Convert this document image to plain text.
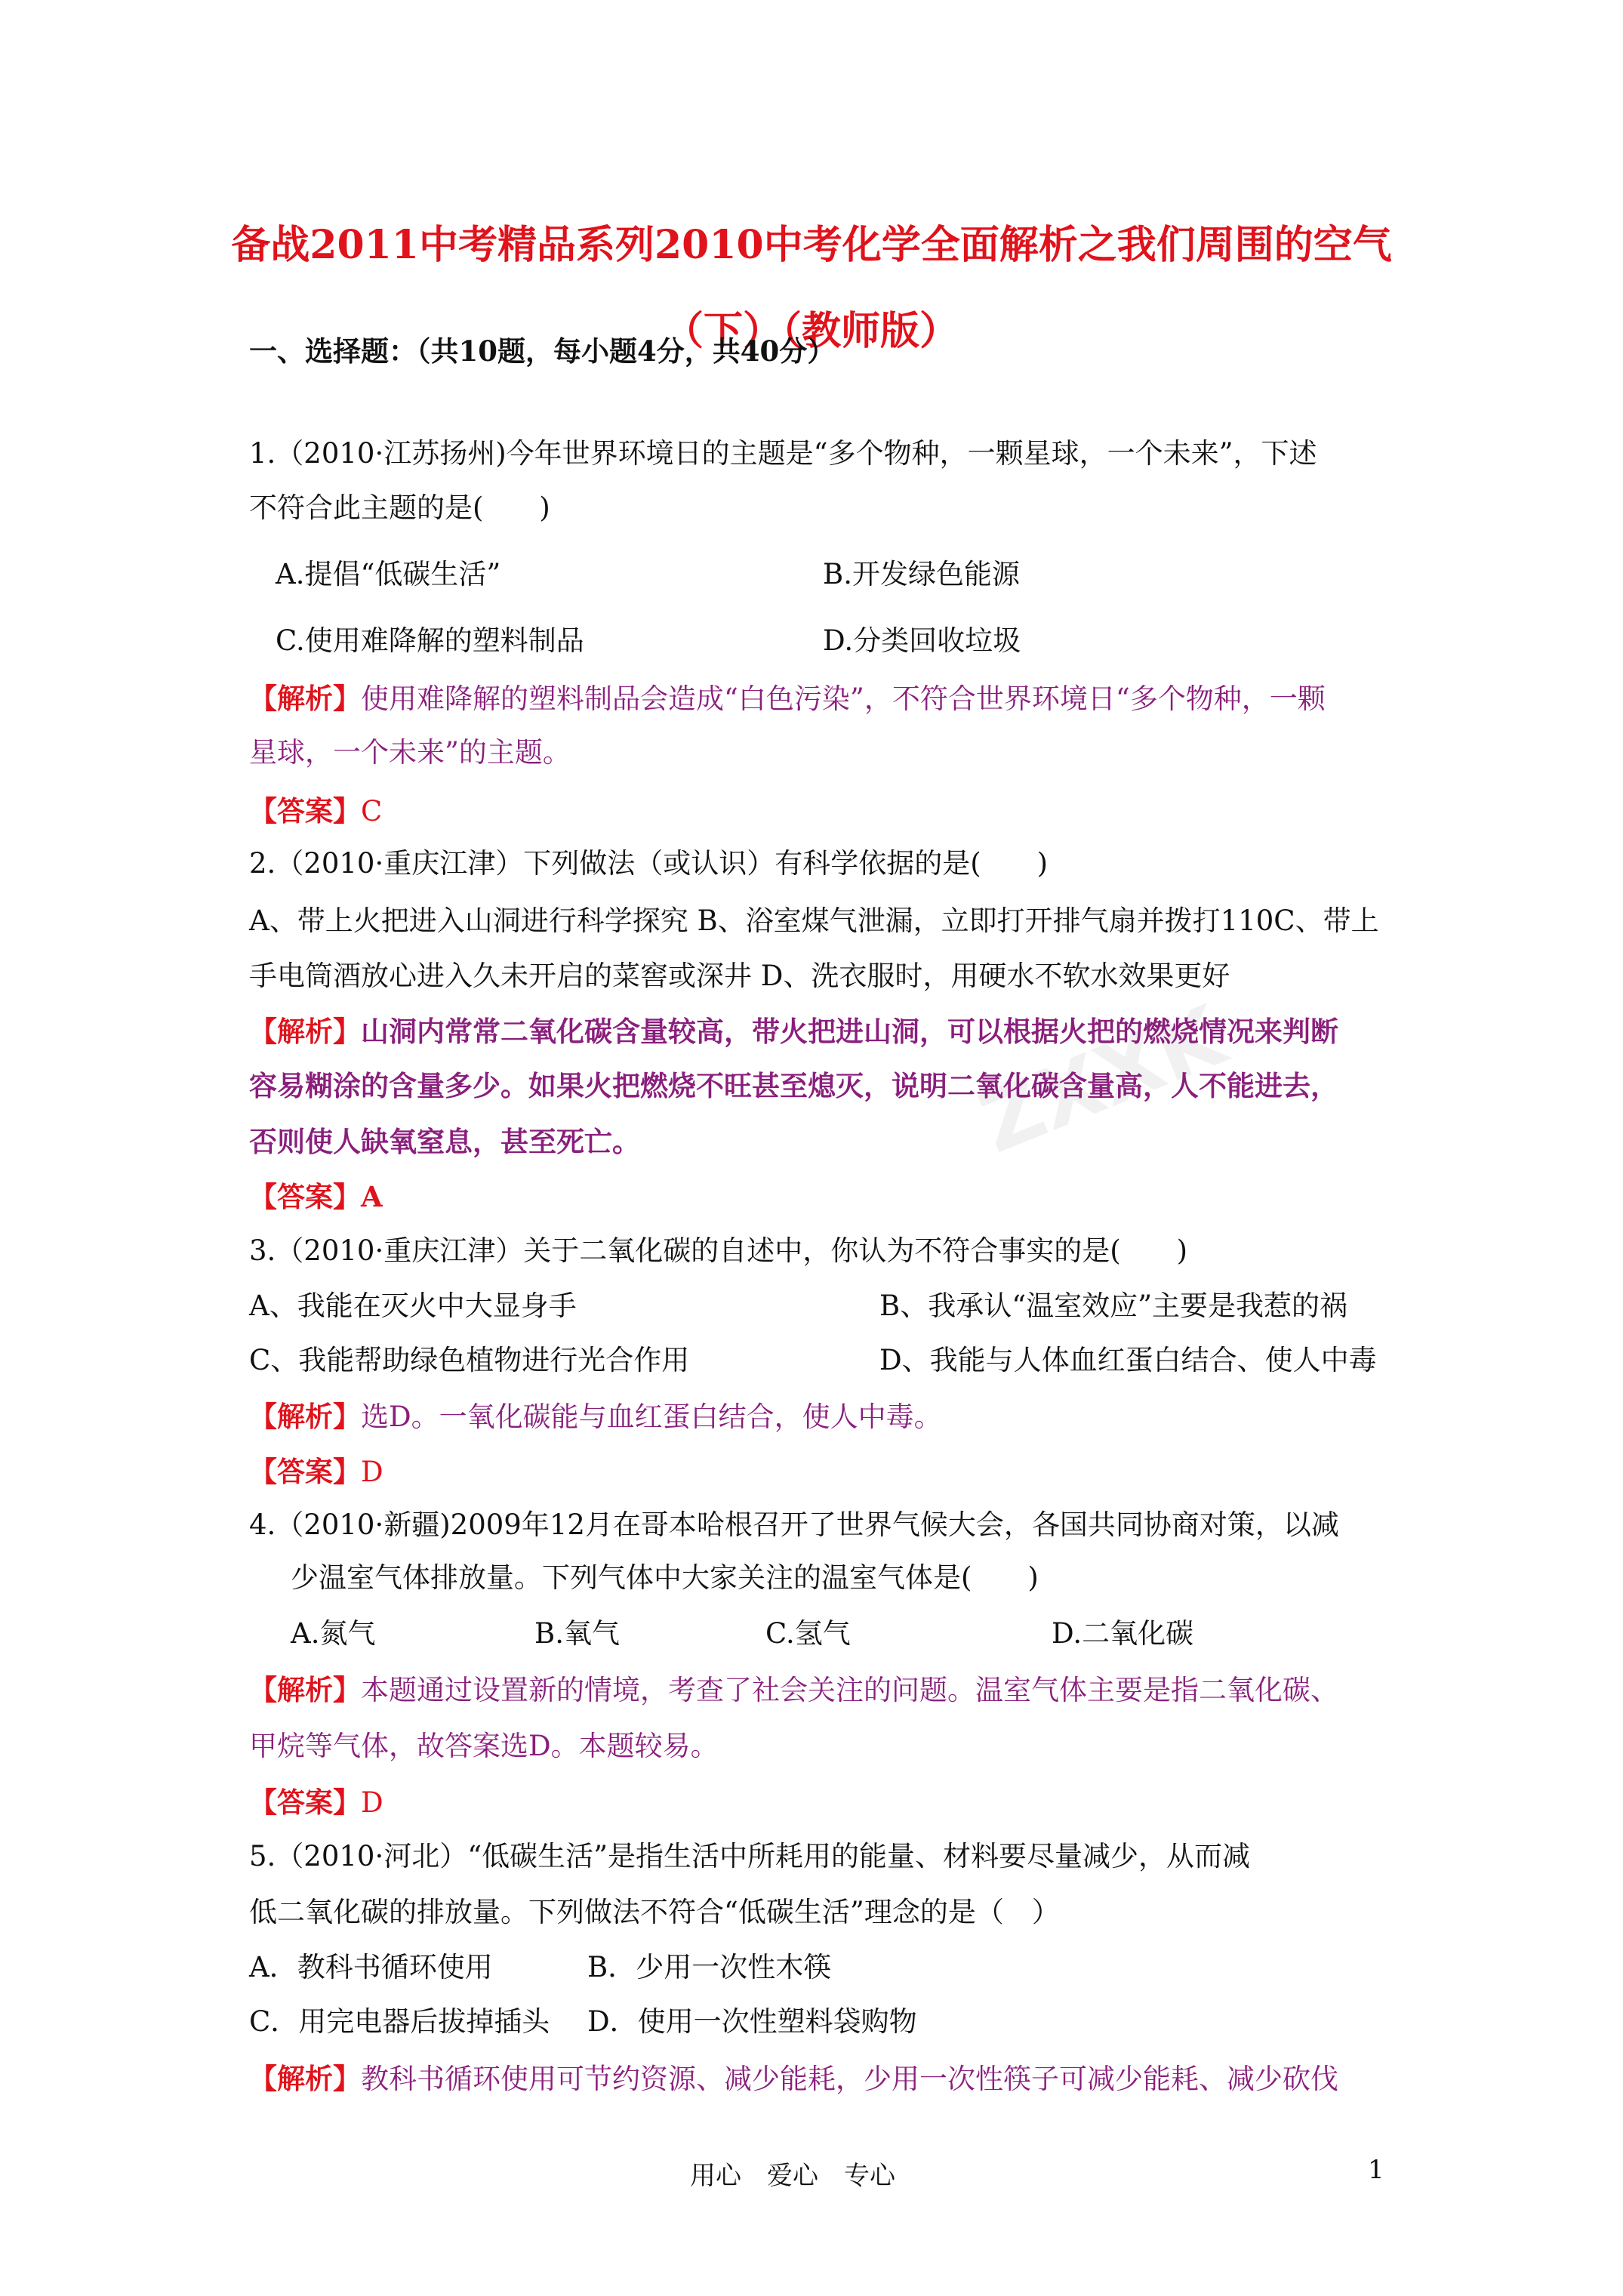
ZXXK
备战2011中考精品系列2010中考化学全面解析之我们周围的空气
（下）（教师版）
一、选择题：（共10题，每小题4分，共40分）
1.（2010·江苏扬州)今年世界环境日的主题是“多个物种，一颗星球，一个未来”，下述
不符合此主题的是(　　)
A.提倡“低碳生活”	B.开发绿色能源
C.使用难降解的塑料制品	D.分类回收垃圾
【解析】使用难降解的塑料制品会造成“白色污染”，不符合世界环境日“多个物种，一颗
星球，一个未来”的主题。
【答案】C
2.（2010·重庆江津）下列做法（或认识）有科学依据的是(　　)
A、带上火把进入山洞进行科学探究 B、浴室煤气泄漏，立即打开排气扇并拨打110C、带上
手电筒酒放心进入久未开启的菜窖或深井 D、洗衣服时，用硬水不软水效果更好
【解析】山洞内常常二氧化碳含量较高，带火把进山洞，可以根据火把的燃烧情况来判断
容易糊涂的含量多少。如果火把燃烧不旺甚至熄灭，说明二氧化碳含量高，人不能进去，
否则使人缺氧窒息，甚至死亡。
【答案】A
3.（2010·重庆江津）关于二氧化碳的自述中，你认为不符合事实的是(　　)
A、我能在灭火中大显身手	B、我承认“温室效应”主要是我惹的祸
C、我能帮助绿色植物进行光合作用	D、我能与人体血红蛋白结合、使人中毒
【解析】选D。一氧化碳能与血红蛋白结合，使人中毒。
【答案】D
4.（2010·新疆)2009年12月在哥本哈根召开了世界气候大会，各国共同协商对策，以减
少温室气体排放量。下列气体中大家关注的温室气体是(　　)
A.氮气	B.氧气	C.氢气	D.二氧化碳
【解析】本题通过设置新的情境，考查了社会关注的问题。温室气体主要是指二氧化碳、
甲烷等气体，故答案选D。本题较易。
【答案】D
5.（2010·河北）“低碳生活”是指生活中所耗用的能量、材料要尽量减少，从而减
低二氧化碳的排放量。下列做法不符合“低碳生活”理念的是（　）
A．教科书循环使用	B．少用一次性木筷
C．用完电器后拔掉插头 D．使用一次性塑料袋购物
【解析】教科书循环使用可节约资源、减少能耗，少用一次性筷子可减少能耗、减少砍伐
用心　爱心　专心	1
